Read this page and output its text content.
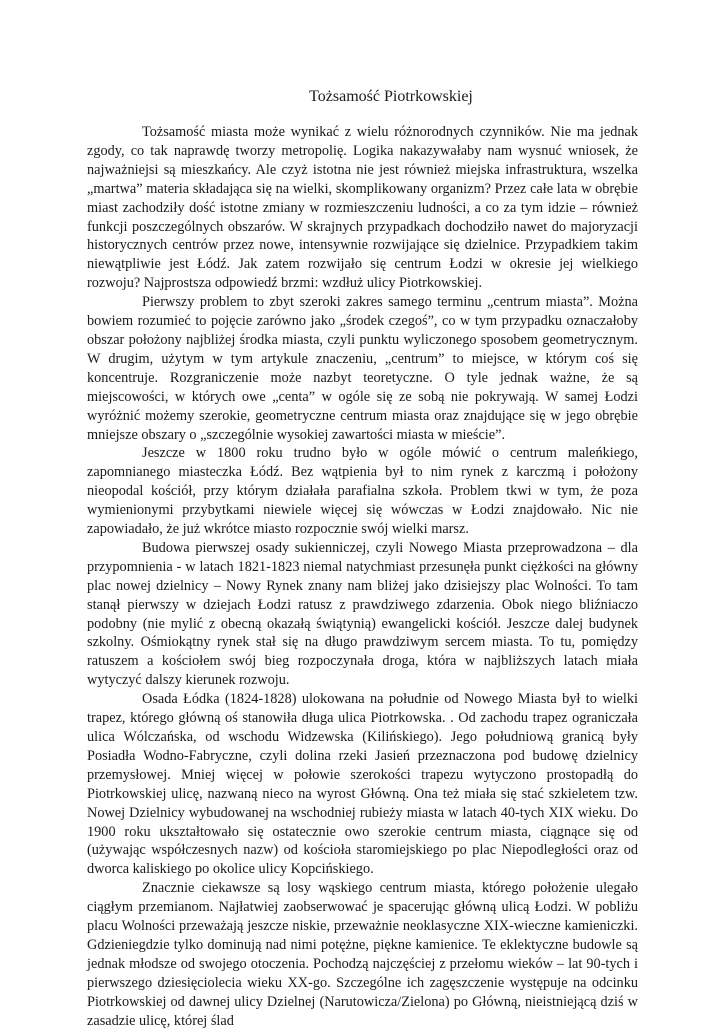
Tożsamość Piotrkowskiej

Tożsamość miasta może wynikać z wielu różnorodnych czynników. Nie ma jednak zgody, co tak naprawdę tworzy metropolię. Logika nakazywałaby nam wysnuć wniosek, że najważniejsi są mieszkańcy. Ale czyż istotna nie jest również miejska infrastruktura, wszelka „martwa” materia składająca się na wielki, skomplikowany organizm? Przez całe lata w obrębie miast zachodziły dość istotne zmiany w rozmieszczeniu ludności, a co za tym idzie – również funkcji poszczególnych obszarów. W skrajnych przypadkach dochodziło nawet do majoryzacji historycznych centrów przez nowe, intensywnie rozwijające się dzielnice. Przypadkiem takim niewątpliwie jest Łódź. Jak zatem rozwijało się centrum Łodzi w okresie jej wielkiego rozwoju? Najprostsza odpowiedź brzmi: wzdłuż ulicy Piotrkowskiej.

Pierwszy problem to zbyt szeroki zakres samego terminu „centrum miasta”. Można bowiem rozumieć to pojęcie zarówno jako „środek czegoś”, co w tym przypadku oznaczałoby obszar położony najbliżej środka miasta, czyli punktu wyliczonego sposobem geometrycznym. W drugim, użytym w tym artykule znaczeniu, „centrum” to miejsce, w którym coś się koncentruje. Rozgraniczenie może nazbyt teoretyczne. O tyle jednak ważne, że są miejscowości, w których owe „centa” w ogóle się ze sobą nie pokrywają. W samej Łodzi wyróżnić możemy szerokie, geometryczne centrum miasta oraz znajdujące się w jego obrębie mniejsze obszary o „szczególnie wysokiej zawartości miasta w mieście”.

Jeszcze w 1800 roku trudno było w ogóle mówić o centrum maleńkiego, zapomnianego miasteczka Łódź. Bez wątpienia był to nim rynek z karczmą i położony nieopodal kościół, przy którym działała parafialna szkoła. Problem tkwi w tym, że poza wymienionymi przybytkami niewiele więcej się wówczas w Łodzi znajdowało. Nic nie zapowiadało, że już wkrótce miasto rozpocznie swój wielki marsz.

Budowa pierwszej osady sukienniczej, czyli Nowego Miasta przeprowadzona – dla przypomnienia - w latach 1821-1823 niemal natychmiast przesunęła punkt ciężkości na główny plac nowej dzielnicy – Nowy Rynek znany nam bliżej jako dzisiejszy plac Wolności. To tam stanął pierwszy w dziejach Łodzi ratusz z prawdziwego zdarzenia. Obok niego bliźniaczo podobny (nie mylić z obecną okazałą świątynią) ewangelicki kościół. Jeszcze dalej budynek szkolny. Ośmiokątny rynek stał się na długo prawdziwym sercem miasta. To tu, pomiędzy ratuszem a kościołem swój bieg rozpoczynała droga, która w najbliższych latach miała wytyczyć dalszy kierunek rozwoju.

Osada Łódka (1824-1828) ulokowana na południe od Nowego Miasta był to wielki trapez, którego główną oś stanowiła długa ulica Piotrkowska. . Od zachodu trapez ograniczała ulica Wólczańska, od wschodu Widzewska (Kilińskiego). Jego południową granicą były Posiadła Wodno-Fabryczne, czyli dolina rzeki Jasień przeznaczona pod budowę dzielnicy przemysłowej. Mniej więcej w połowie szerokości trapezu wytyczono prostopadłą do Piotrkowskiej ulicę, nazwaną nieco na wyrost Główną. Ona też miała się stać szkieletem tzw. Nowej Dzielnicy wybudowanej na wschodniej rubieży miasta w latach 40-tych XIX wieku. Do 1900 roku ukształtowało się ostatecznie owo szerokie centrum miasta, ciągnące się od (używając współczesnych nazw) od kościoła staromiejskiego po plac Niepodległości oraz od dworca kaliskiego po okolice ulicy Kopcińskiego.

Znacznie ciekawsze są losy wąskiego centrum miasta, którego położenie ulegało ciągłym przemianom. Najłatwiej zaobserwować je spacerując główną ulicą Łodzi. W pobliżu placu Wolności przeważają jeszcze niskie, przeważnie neoklasyczne XIX-wieczne kamieniczki. Gdzieniegdzie tylko dominują nad nimi potężne, piękne kamienice. Te eklektyczne budowle są jednak młodsze od swojego otoczenia. Pochodzą najczęściej z przełomu wieków – lat 90-tych i pierwszego dziesięciolecia wieku XX-go. Szczególne ich zagęszczenie występuje na odcinku Piotrkowskiej od dawnej ulicy Dzielnej (Narutowicza/Zielona) po Główną, nieistniejącą dziś w zasadzie ulicę, której ślad
